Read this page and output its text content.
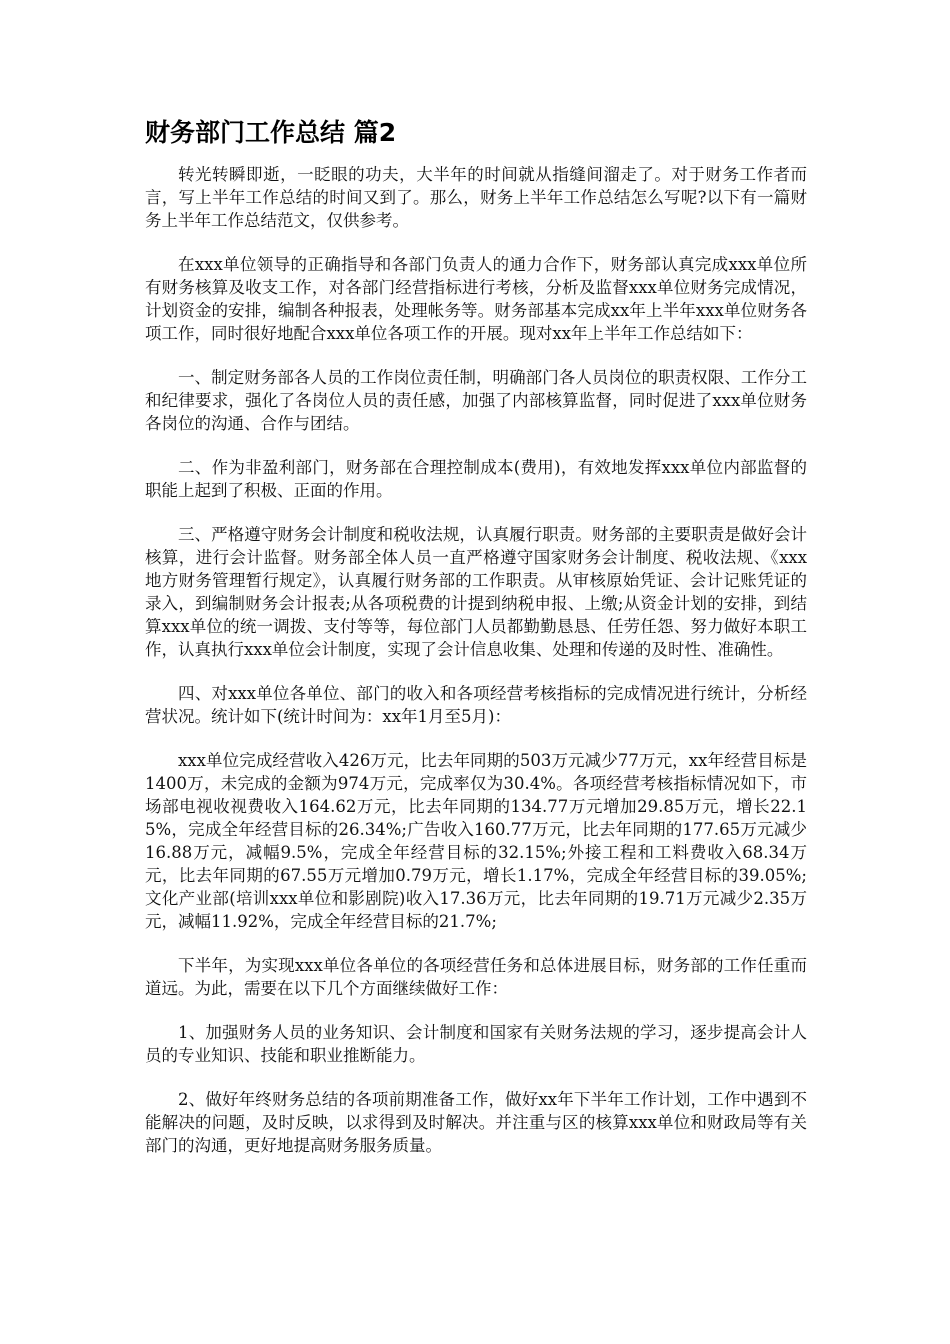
财务部门工作总结 篇2

转光转瞬即逝，一眨眼的功夫，大半年的时间就从指缝间溜走了。对于财务工作者而言，写上半年工作总结的时间又到了。那么，财务上半年工作总结怎么写呢?以下有一篇财务上半年工作总结范文，仅供参考。

在xxx单位领导的正确指导和各部门负责人的通力合作下，财务部认真完成xxx单位所有财务核算及收支工作，对各部门经营指标进行考核，分析及监督xxx单位财务完成情况，计划资金的安排，编制各种报表，处理帐务等。财务部基本完成xx年上半年xxx单位财务各项工作，同时很好地配合xxx单位各项工作的开展。现对xx年上半年工作总结如下：

一、制定财务部各人员的工作岗位责任制，明确部门各人员岗位的职责权限、工作分工和纪律要求，强化了各岗位人员的责任感，加强了内部核算监督，同时促进了xxx单位财务各岗位的沟通、合作与团结。

二、作为非盈利部门，财务部在合理控制成本(费用)，有效地发挥xxx单位内部监督的职能上起到了积极、正面的作用。

三、严格遵守财务会计制度和税收法规，认真履行职责。财务部的主要职责是做好会计核算，进行会计监督。财务部全体人员一直严格遵守国家财务会计制度、税收法规、《xxx地方财务管理暂行规定》，认真履行财务部的工作职责。从审核原始凭证、会计记账凭证的录入，到编制财务会计报表;从各项税费的计提到纳税申报、上缴;从资金计划的安排，到结算xxx单位的统一调拨、支付等等，每位部门人员都勤勤恳恳、任劳任怨、努力做好本职工作，认真执行xxx单位会计制度，实现了会计信息收集、处理和传递的及时性、准确性。

四、对xxx单位各单位、部门的收入和各项经营考核指标的完成情况进行统计，分析经营状况。统计如下(统计时间为：xx年1月至5月)：

xxx单位完成经营收入426万元，比去年同期的503万元减少77万元，xx年经营目标是1400万，未完成的金额为974万元，完成率仅为30.4%。各项经营考核指标情况如下，市场部电视收视费收入164.62万元，比去年同期的134.77万元增加29.85万元，增长22.15%，完成全年经营目标的26.34%;广告收入160.77万元，比去年同期的177.65万元减少16.88万元，减幅9.5%，完成全年经营目标的32.15%;外接工程和工料费收入68.34万元，比去年同期的67.55万元增加0.79万元，增长1.17%，完成全年经营目标的39.05%;文化产业部(培训xxx单位和影剧院)收入17.36万元，比去年同期的19.71万元减少2.35万元，减幅11.92%，完成全年经营目标的21.7%;

下半年，为实现xxx单位各单位的各项经营任务和总体进展目标，财务部的工作任重而道远。为此，需要在以下几个方面继续做好工作：

1、加强财务人员的业务知识、会计制度和国家有关财务法规的学习，逐步提高会计人员的专业知识、技能和职业推断能力。

2、做好年终财务总结的各项前期准备工作，做好xx年下半年工作计划，工作中遇到不能解决的问题，及时反映，以求得到及时解决。并注重与区的核算xxx单位和财政局等有关部门的沟通，更好地提高财务服务质量。
